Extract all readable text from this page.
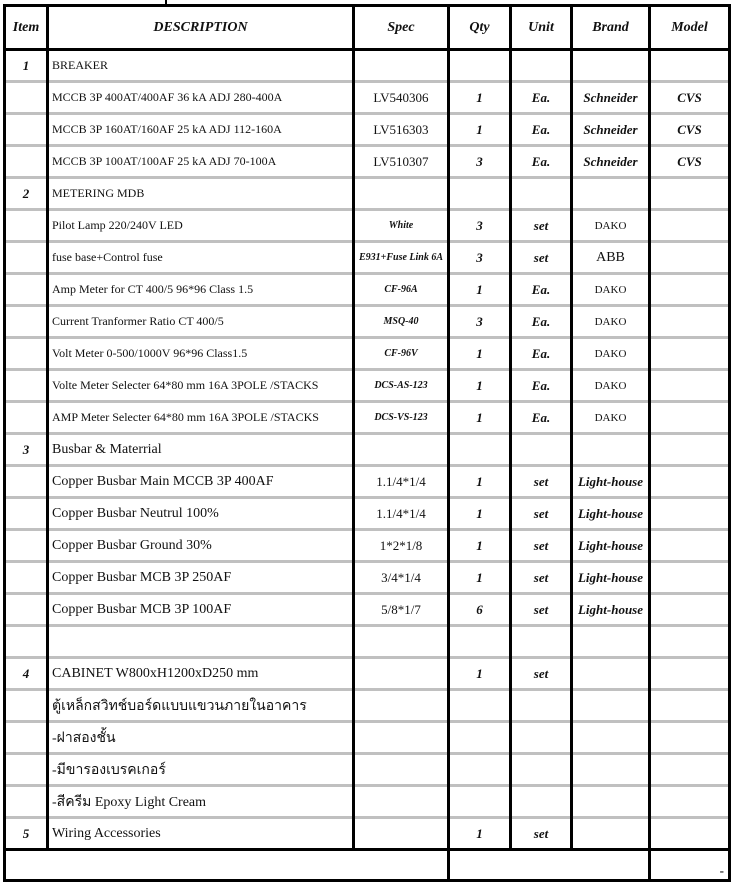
Item	DESCRIPTION	Spec	Qty	Unit	Brand	Model
1	BREAKER					
	MCCB 3P 400AT/400AF 36 kA ADJ 280-400A	LV540306	1	Ea.	Schneider	CVS
	MCCB 3P 160AT/160AF 25 kA ADJ 112-160A	LV516303	1	Ea.	Schneider	CVS
	MCCB 3P 100AT/100AF 25 kA ADJ 70-100A	LV510307	3	Ea.	Schneider	CVS
2	METERING MDB					
	Pilot Lamp 220/240V LED	White	3	set	DAKO	
	fuse base+Control fuse	E931+Fuse Link 6A	3	set	ABB	
	Amp Meter for CT 400/5 96*96 Class 1.5	CF-96A	1	Ea.	DAKO	
	Current Tranformer Ratio CT 400/5	MSQ-40	3	Ea.	DAKO	
	Volt Meter 0-500/1000V 96*96 Class1.5	CF-96V	1	Ea.	DAKO	
	Volte Meter Selecter 64*80 mm 16A 3POLE /STACKS	DCS-AS-123	1	Ea.	DAKO	
	AMP Meter Selecter 64*80 mm 16A 3POLE /STACKS	DCS-VS-123	1	Ea.	DAKO	
3	Busbar & Materrial					
	Copper Busbar Main MCCB 3P 400AF	1.1/4*1/4	1	set	Light-house	
	Copper Busbar Neutrul 100%	1.1/4*1/4	1	set	Light-house	
	Copper Busbar Ground 30%	1*2*1/8	1	set	Light-house	
	Copper Busbar MCB 3P 250AF	3/4*1/4	1	set	Light-house	
	Copper Busbar MCB 3P 100AF	5/8*1/7	6	set	Light-house	

4	CABINET W800xH1200xD250 mm		1	set		
	ตู้เหล็กสวิทช์บอร์ดแบบแขวนภายในอาคาร					
	-ฝาสองชั้น					
	-มีขารองเบรคเกอร์					
	-สีครีม Epoxy Light Cream					
5	Wiring Accessories		1	set		
						-
